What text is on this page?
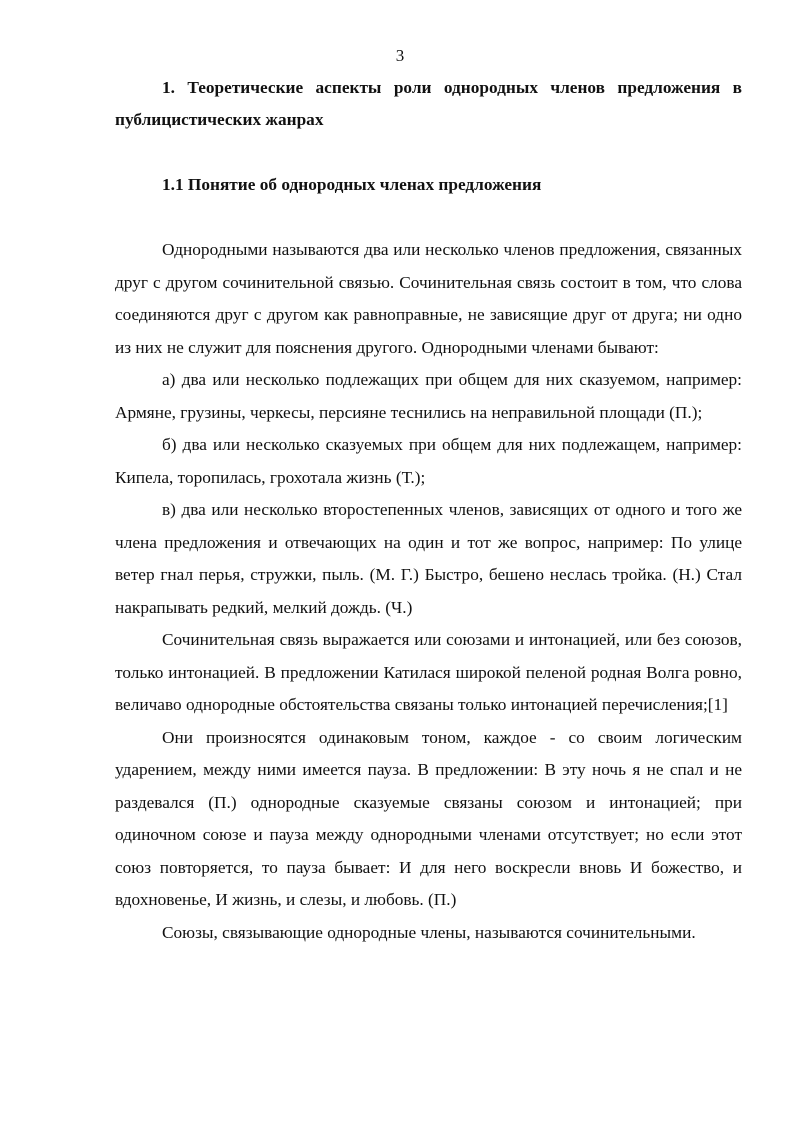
3

1. Теоретические аспекты роли однородных членов предложения в публицистических жанрах

1.1 Понятие об однородных членах предложения

Однородными называются два или несколько членов предложения, связанных друг с другом сочинительной связью. Сочинительная связь состоит в том, что слова соединяются друг с другом как равноправные, не зависящие друг от друга; ни одно из них не служит для пояснения другого. Однородными членами бывают:

а) два или несколько подлежащих при общем для них сказуемом, например: Армяне, грузины, черкесы, персияне теснились на неправильной площади (П.);

б) два или несколько сказуемых при общем для них подлежащем, например: Кипела, торопилась, грохотала жизнь (Т.);

в) два или несколько второстепенных членов, зависящих от одного и того же члена предложения и отвечающих на один и тот же вопрос, например: По улице ветер гнал перья, стружки, пыль. (М. Г.) Быстро, бешено неслась тройка. (Н.) Стал накрапывать редкий, мелкий дождь. (Ч.)

Сочинительная связь выражается или союзами и интонацией, или без союзов, только интонацией. В предложении Катилася широкой пеленой родная Волга ровно, величаво однородные обстоятельства связаны только интонацией перечисления;[1]

Они произносятся одинаковым тоном, каждое - со своим логическим ударением, между ними имеется пауза. В предложении: В эту ночь я не спал и не раздевался (П.) однородные сказуемые связаны союзом и интонацией; при одиночном союзе и пауза между однородными членами отсутствует; но если этот союз повторяется, то пауза бывает: И для него воскресли вновь И божество, и вдохновенье, И жизнь, и слезы, и любовь. (П.)

Союзы, связывающие однородные члены, называются сочинительными.
